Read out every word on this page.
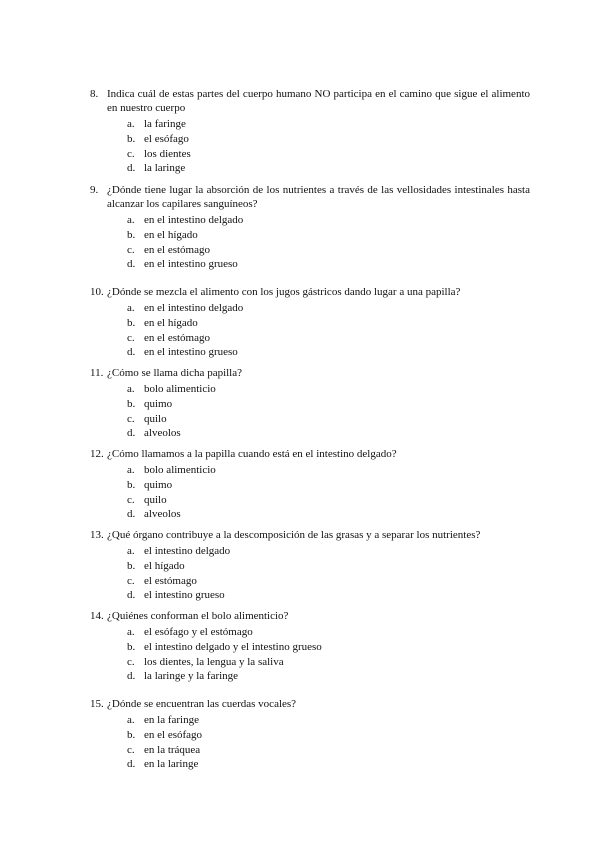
8. Indica cuál de estas partes del cuerpo humano NO participa en el camino que sigue el alimento en nuestro cuerpo
a. la faringe
b. el esófago
c. los dientes
d. la laringe
9. ¿Dónde tiene lugar la absorción de los nutrientes a través de las vellosidades intestinales hasta alcanzar los capilares sanguíneos?
a. en el intestino delgado
b. en el hígado
c. en el estómago
d. en el intestino grueso
10. ¿Dónde se mezcla el alimento con los jugos gástricos dando lugar a una papilla?
a. en el intestino delgado
b. en el hígado
c. en el estómago
d. en el intestino grueso
11. ¿Cómo se llama dicha papilla?
a. bolo alimenticio
b. quimo
c. quilo
d. alveolos
12. ¿Cómo llamamos a la papilla cuando está en el intestino delgado?
a. bolo alimenticio
b. quimo
c. quilo
d. alveolos
13. ¿Qué órgano contribuye a la descomposición de las grasas y a separar los nutrientes?
a. el intestino delgado
b. el hígado
c. el estómago
d. el intestino grueso
14. ¿Quiénes conforman el bolo alimenticio?
a. el esófago y el estómago
b. el intestino delgado y el intestino grueso
c. los dientes, la lengua y la saliva
d. la laringe y la faringe
15. ¿Dónde se encuentran las cuerdas vocales?
a. en la faringe
b. en el esófago
c. en la tráquea
d. en la laringe
